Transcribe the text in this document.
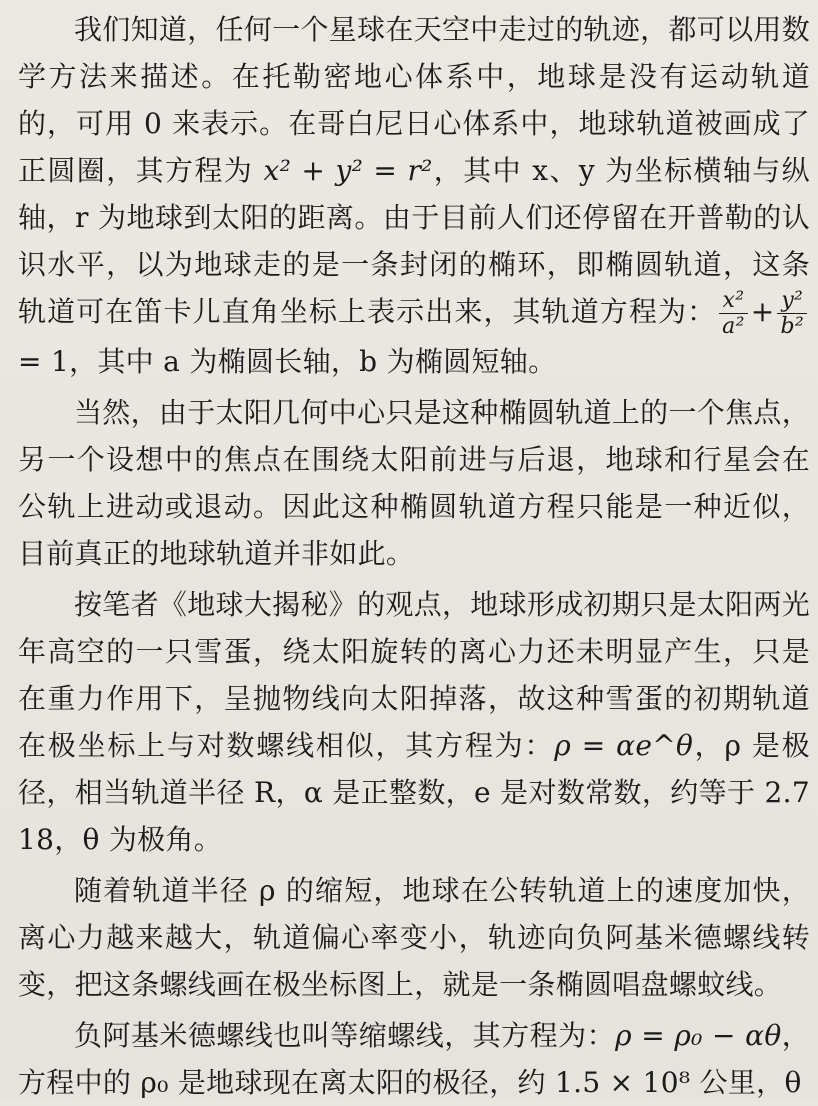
我们知道，任何一个星球在天空中走过的轨迹，都可以用数学方法来描述。在托勒密地心体系中，地球是没有运动轨道的，可用 0 来表示。在哥白尼日心体系中，地球轨道被画成了正圆圈，其方程为 x² + y² = r²，其中 x、y 为坐标横轴与纵轴，r 为地球到太阳的距离。由于目前人们还停留在开普勒的认识水平，以为地球走的是一条封闭的椭环，即椭圆轨道，这条轨道可在笛卡儿直角坐标上表示出来，其轨道方程为： $\frac{\text{x²}}{\text{a²}} + \frac{\text{y²}}{\text{b²}}$
= 1，其中 a 为椭圆长轴，b 为椭圆短轴。

当然，由于太阳几何中心只是这种椭圆轨道上的一个焦点，另一个设想中的焦点在围绕太阳前进与后退，地球和行星会在公轨上进动或退动。因此这种椭圆轨道方程只能是一种近似，目前真正的地球轨道并非如此。

按笔者《地球大揭秘》的观点，地球形成初期只是太阳两光年高空的一只雪蛋，绕太阳旋转的离心力还未明显产生，只是在重力作用下，呈抛物线向太阳掉落，故这种雪蛋的初期轨道在极坐标上与对数螺线相似，其方程为：ρ = αe^θ，ρ 是极径，相当轨道半径 R，α 是正整数，e 是对数常数，约等于 2.718，θ 为极角。

随着轨道半径 ρ 的缩短，地球在公转轨道上的速度加快，离心力越来越大，轨道偏心率变小，轨迹向负阿基米德螺线转变，把这条螺线画在极坐标图上，就是一条椭圆唱盘螺蚊线。

负阿基米德螺线也叫等缩螺线，其方程为：ρ = ρ₀ − αθ，方程中的 ρ₀ 是地球现在离太阳的极径，约 1.5 × 10⁸ 公里，θ
